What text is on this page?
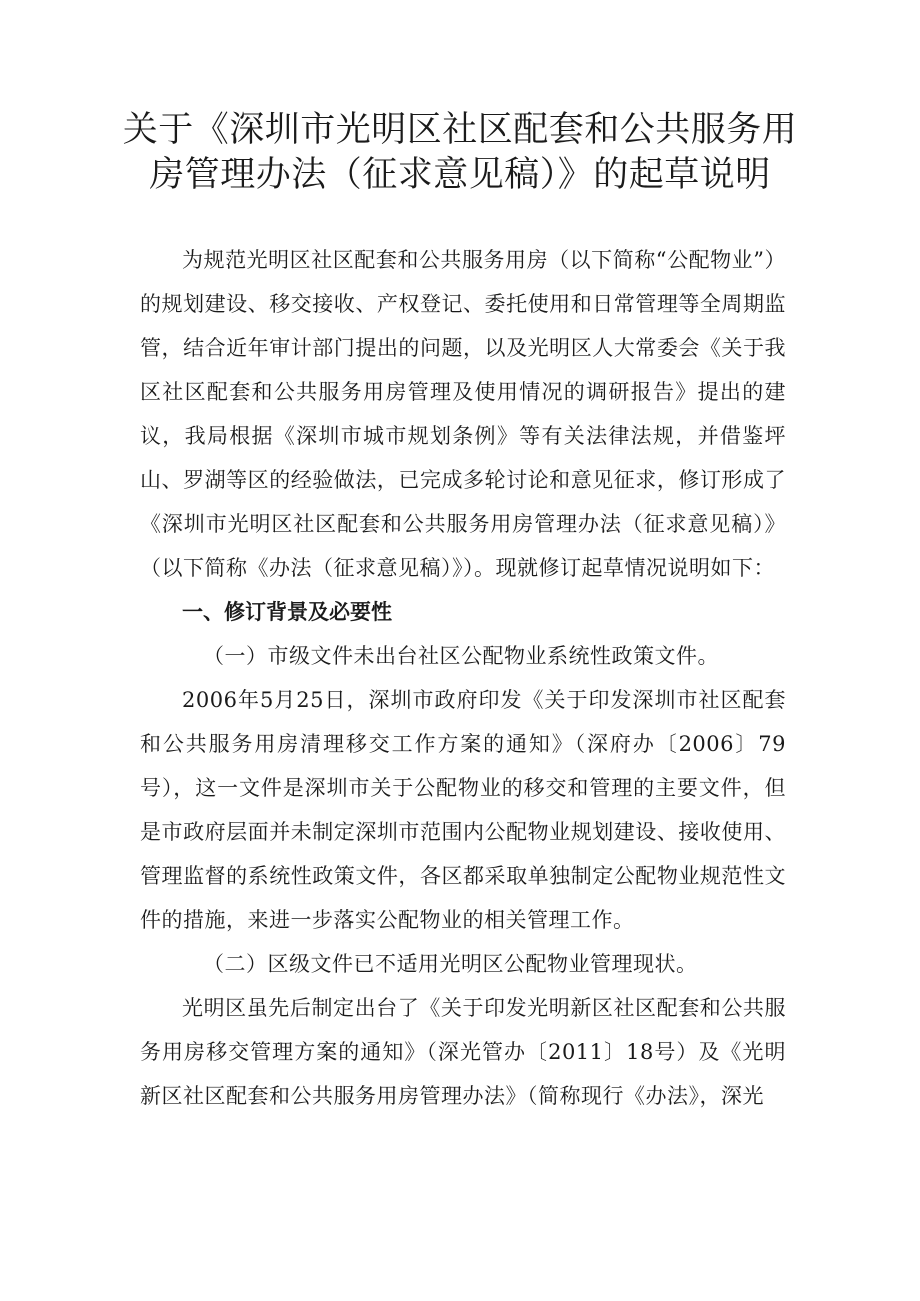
关于《深圳市光明区社区配套和公共服务用
房管理办法（征求意见稿）》的起草说明

为规范光明区社区配套和公共服务用房（以下简称“公配物业”）的规划建设、移交接收、产权登记、委托使用和日常管理等全周期监管，结合近年审计部门提出的问题，以及光明区人大常委会《关于我区社区配套和公共服务用房管理及使用情况的调研报告》提出的建议，我局根据《深圳市城市规划条例》等有关法律法规，并借鉴坪山、罗湖等区的经验做法，已完成多轮讨论和意见征求，修订形成了《深圳市光明区社区配套和公共服务用房管理办法（征求意见稿）》（以下简称《办法（征求意见稿）》）。现就修订起草情况说明如下：

一、修订背景及必要性

（一）市级文件未出台社区公配物业系统性政策文件。

2006年5月25日，深圳市政府印发《关于印发深圳市社区配套和公共服务用房清理移交工作方案的通知》（深府办〔2006〕79号），这一文件是深圳市关于公配物业的移交和管理的主要文件，但是市政府层面并未制定深圳市范围内公配物业规划建设、接收使用、管理监督的系统性政策文件，各区都采取单独制定公配物业规范性文件的措施，来进一步落实公配物业的相关管理工作。

（二）区级文件已不适用光明区公配物业管理现状。

光明区虽先后制定出台了《关于印发光明新区社区配套和公共服务用房移交管理方案的通知》（深光管办〔2011〕18号）及《光明新区社区配套和公共服务用房管理办法》（简称现行《办法》，深光
